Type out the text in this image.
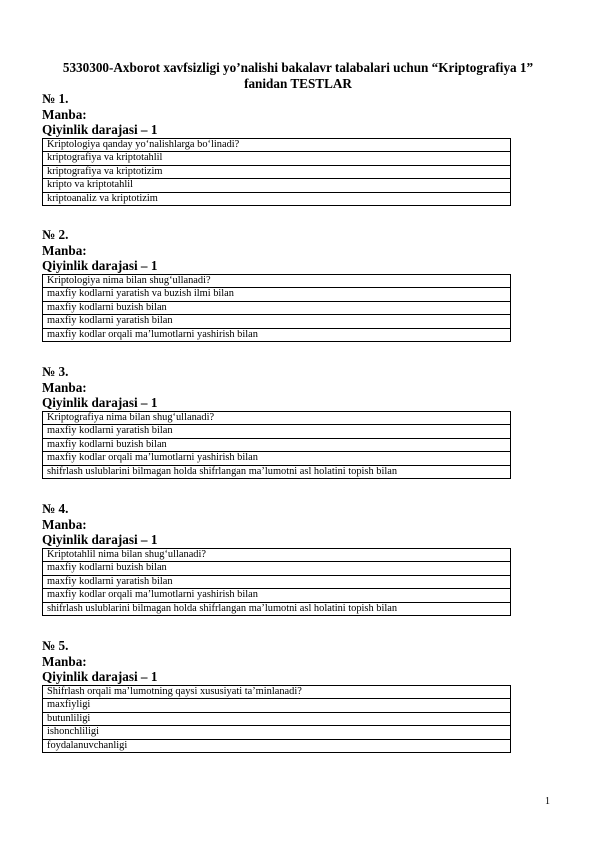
5330300-Axborot xavfsizligi yo’nalishi bakalavr talabalari uchun “Kriptografiya 1” fanidan TESTLAR
№ 1.
Manba:
Qiyinlik darajasi – 1
Kriptologiya qanday yo‘nalishlarga bo‘linadi?
kriptografiya va kriptotahlil
kriptografiya va kriptotizim
kripto va kriptotahlil
kriptoanaliz va kriptotizim
№ 2.
Manba:
Qiyinlik darajasi – 1
Kriptologiya nima bilan shug‘ullanadi?
maxfiy kodlarni yaratish va buzish ilmi bilan
maxfiy kodlarni buzish bilan
maxfiy kodlarni yaratish bilan
maxfiy kodlar orqali ma’lumotlarni yashirish bilan
№ 3.
Manba:
Qiyinlik darajasi – 1
Kriptografiya nima bilan shug‘ullanadi?
maxfiy kodlarni yaratish bilan
maxfiy kodlarni buzish bilan
maxfiy kodlar orqali ma’lumotlarni yashirish bilan
shifrlash uslublarini bilmagan holda shifrlangan ma’lumotni asl holatini topish bilan
№ 4.
Manba:
Qiyinlik darajasi – 1
Kriptotahlil nima bilan shug‘ullanadi?
maxfiy kodlarni buzish bilan
maxfiy kodlarni yaratish bilan
maxfiy kodlar orqali ma’lumotlarni yashirish bilan
shifrlash uslublarini bilmagan holda shifrlangan ma’lumotni asl holatini topish bilan
№ 5.
Manba:
Qiyinlik darajasi – 1
Shifrlash orqali ma’lumotning qaysi xususiyati ta’minlanadi?
maxfiyligi
butunliligi
ishonchliligi
foydalanuvchanligi
1
